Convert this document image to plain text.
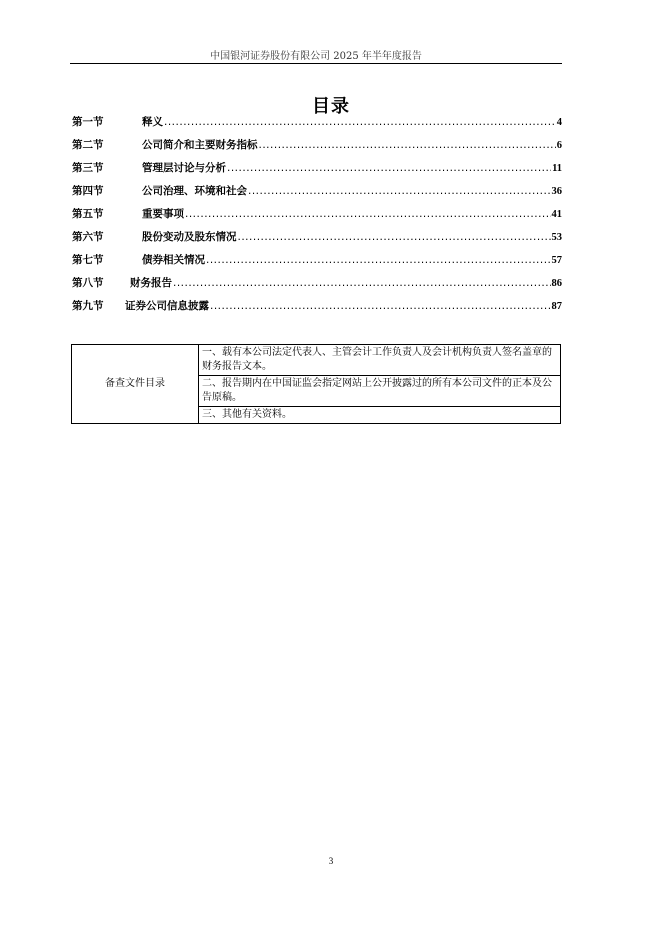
中国银河证券股份有限公司 2025 年半年度报告
目录
第一节	释义 .....	4
第二节	公司简介和主要财务指标 .....	6
第三节	管理层讨论与分析 .....	11
第四节	公司治理、环境和社会 .....	36
第五节	重要事项 .....	41
第六节	股份变动及股东情况 .....	53
第七节	债券相关情况 .....	57
第八节	财务报告 .....	86
第九节	证券公司信息披露 .....	87
备查文件目录	一、载有本公司法定代表人、主管会计工作负责人及会计机构负责人签名盖章的财务报告文本。
二、报告期内在中国证监会指定网站上公开披露过的所有本公司文件的正本及公告原稿。
三、其他有关资料。
3
